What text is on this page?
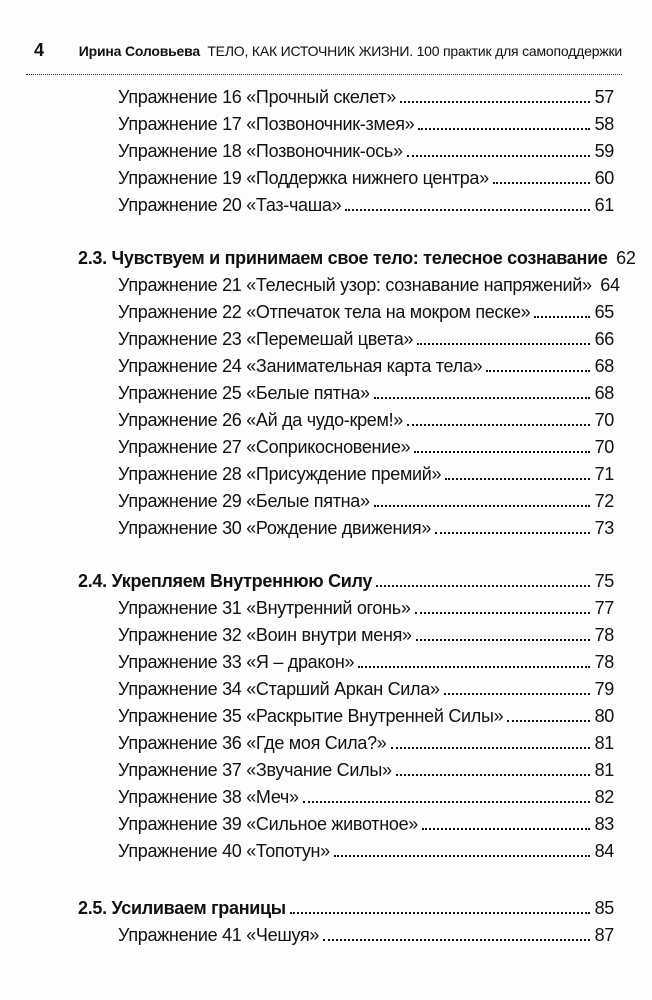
4 Ирина Соловьева ТЕЛО, КАК ИСТОЧНИК ЖИЗНИ. 100 практик для самоподдержки
Упражнение 16 «Прочный скелет»	57
Упражнение 17 «Позвоночник-змея»	58
Упражнение 18 «Позвоночник-ось»	59
Упражнение 19 «Поддержка нижнего центра»	60
Упражнение 20 «Таз-чаша»	61
2.3. Чувствуем и принимаем свое тело: телесное сознавание 62
Упражнение 21 «Телесный узор: сознавание напряжений» 64
Упражнение 22 «Отпечаток тела на мокром песке»	65
Упражнение 23 «Перемешай цвета»	66
Упражнение 24 «Занимательная карта тела»	68
Упражнение 25 «Белые пятна»	68
Упражнение 26 «Ай да чудо-крем!»	70
Упражнение 27 «Соприкосновение»	70
Упражнение 28 «Присуждение премий»	71
Упражнение 29 «Белые пятна»	72
Упражнение 30 «Рождение движения»	73
2.4. Укрепляем Внутреннюю Силу	75
Упражнение 31 «Внутренний огонь»	77
Упражнение 32 «Воин внутри меня»	78
Упражнение 33 «Я – дракон»	78
Упражнение 34 «Старший Аркан Сила»	79
Упражнение 35 «Раскрытие Внутренней Силы»	80
Упражнение 36 «Где моя Сила?»	81
Упражнение 37 «Звучание Силы»	81
Упражнение 38 «Меч»	82
Упражнение 39 «Сильное животное»	83
Упражнение 40 «Топотун»	84
2.5. Усиливаем границы	85
Упражнение 41 «Чешуя»	87
